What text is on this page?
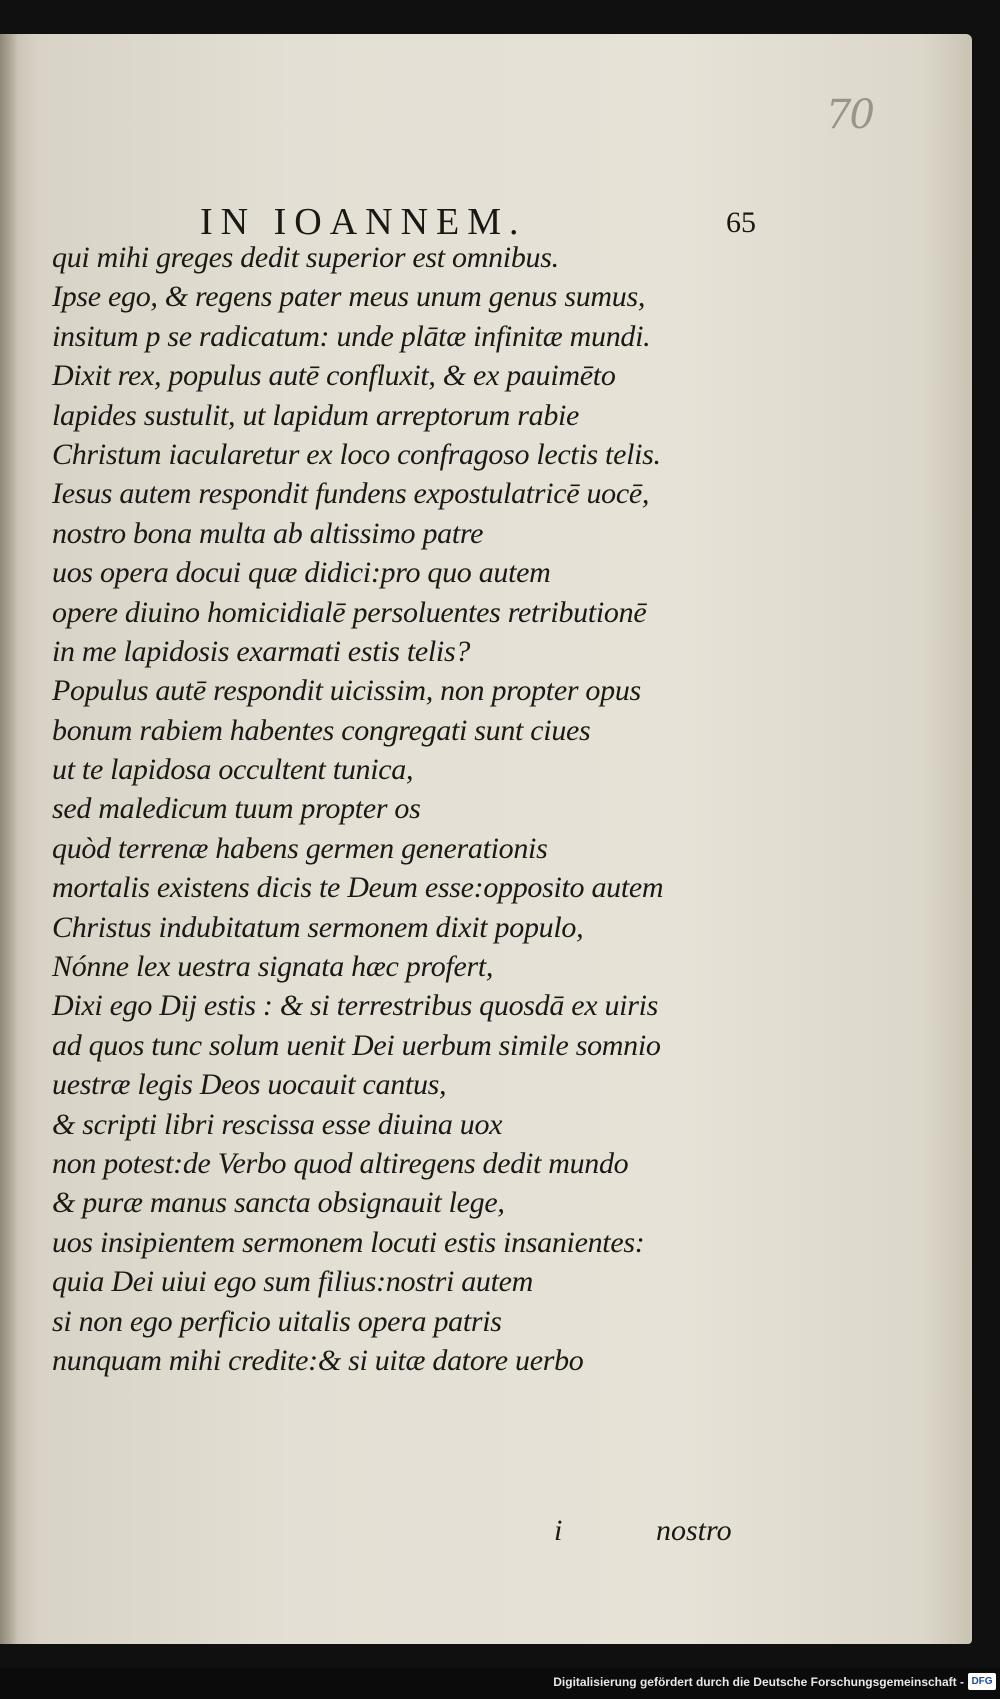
70
IN IOANNEM.	65
qui mihi greges dedit superior est omnibus.
Ipse ego, & regens pater meus unum genus sumus,
insitum p se radicatum: unde plātæ infinitæ mundi.
Dixit rex, populus autē confluxit, & ex pauimēto
lapides sustulit, ut lapidum arreptorum rabie
Christum iacularetur ex loco confragoso lectis telis.
Iesus autem respondit fundens expostulatricē uocē,
nostro bona multa ab altissimo patre
uos opera docui quæ didici:pro quo autem
opere diuino homicidialē persoluentes retributionē
in me lapidosis exarmati estis telis?
Populus autē respondit uicissim, non propter opus
bonum rabiem habentes congregati sunt ciues
ut te lapidosa occultent tunica,
sed maledicum tuum propter os
quòd terrenæ habens germen generationis
mortalis existens dicis te Deum esse:opposito autem
Christus indubitatum sermonem dixit populo,
Nónne lex uestra signata hæc profert,
Dixi ego Dij estis : & si terrestribus quosdā ex uiris
ad quos tunc solum uenit Dei uerbum simile somnio
uestræ legis Deos uocauit cantus,
& scripti libri rescissa esse diuina uox
non potest:de Verbo quod altiregens dedit mundo
& puræ manus sancta obsignauit lege,
uos insipientem sermonem locuti estis insanientes:
quia Dei uiui ego sum filius:nostri autem
si non ego perficio uitalis opera patris
nunquam mihi credite:& si uitæ datore uerbo
i	nostro
Digitalisierung gefördert durch die Deutsche Forschungsgemeinschaft - DFG
